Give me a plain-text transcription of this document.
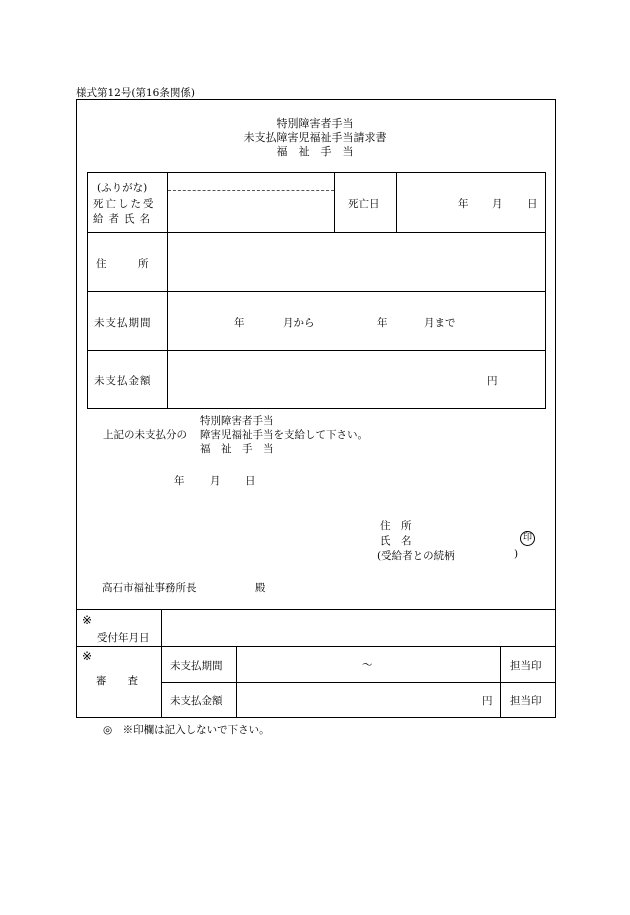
様式第12号(第16条関係)
特別障害者手当
未支払障害児福祉手当請求書
福　祉　手　当
(ふりがな)
死亡した受
給者氏名
死亡日	年 月 日
住　　　所
未支払期間	年	月から	年	月まで
未支払金額	円
特別障害者手当
上記の未支払分の 障害児福祉手当を支給して下さい。
福　祉　手　当
年 月 日
住　所
氏　名	印
(受給者との続柄	)
高石市福祉事務所長	殿
※
受付年月日
※
審　　査
未支払期間	～	担当印
未支払金額	円 担当印
◎　※印欄は記入しないで下さい。
